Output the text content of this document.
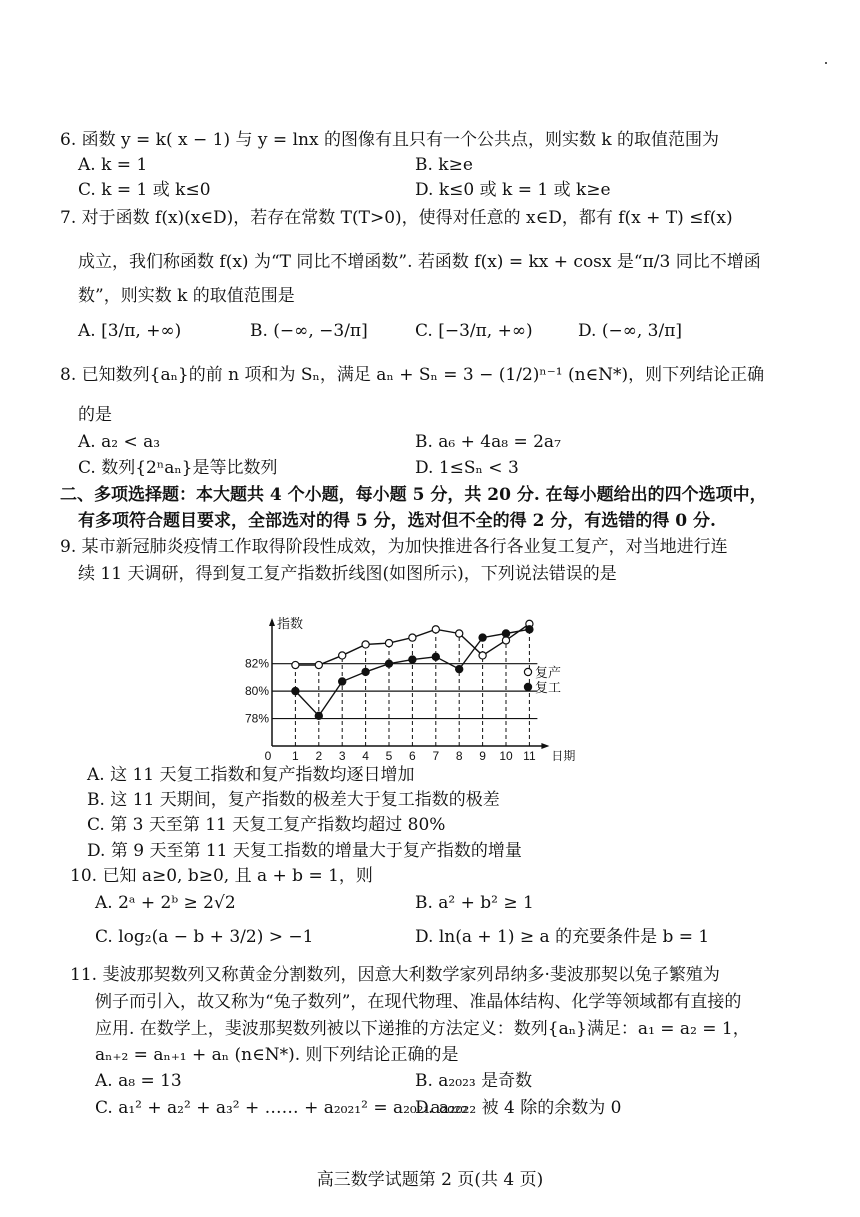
6. 函数 y = k( x − 1) 与 y = lnx 的图像有且只有一个公共点，则实数 k 的取值范围为
A. k = 1	B. k≥e
C. k = 1 或 k≤0	D. k≤0 或 k = 1 或 k≥e
7. 对于函数 f(x)(x∈D)，若存在常数 T(T>0)，使得对任意的 x∈D，都有 f(x + T) ≤f(x)
成立，我们称函数 f(x) 为“T 同比不增函数”. 若函数 f(x) = kx + cosx 是“π/3 同比不增函
数”，则实数 k 的取值范围是
A. [3/π, +∞)	B. (−∞, −3/π]	C. [−3/π, +∞)	D. (−∞, 3/π]
8. 已知数列{aₙ}的前 n 项和为 Sₙ，满足 aₙ + Sₙ = 3 − (1/2)ⁿ⁻¹ (n∈N*)，则下列结论正确
的是
A. a₂ < a₃	B. a₆ + 4a₈ = 2a₇
C. 数列{2ⁿaₙ}是等比数列	D. 1≤Sₙ < 3
二、多项选择题：本大题共 4 个小题，每小题 5 分，共 20 分. 在每小题给出的四个选项中，
有多项符合题目要求，全部选对的得 5 分，选对但不全的得 2 分，有选错的得 0 分.
9. 某市新冠肺炎疫情工作取得阶段性成效，为加快推进各行各业复工复产，对当地进行连
续 11 天调研，得到复工复产指数折线图(如图所示)，下列说法错误的是
A. 这 11 天复工指数和复产指数均逐日增加
B. 这 11 天期间，复产指数的极差大于复工指数的极差
C. 第 3 天至第 11 天复工复产指数均超过 80%
D. 第 9 天至第 11 天复工指数的增量大于复产指数的增量
10. 已知 a≥0, b≥0, 且 a + b = 1，则
A. 2ᵃ + 2ᵇ ≥ 2√2	B. a² + b² ≥ 1
C. log₂(a − b + 3/2) > −1	D. ln(a + 1) ≥ a 的充要条件是 b = 1
11. 斐波那契数列又称黄金分割数列，因意大利数学家列昂纳多·斐波那契以兔子繁殖为
例子而引入，故又称为“兔子数列”，在现代物理、准晶体结构、化学等领域都有直接的
应用. 在数学上，斐波那契数列被以下递推的方法定义：数列{aₙ}满足：a₁ = a₂ = 1，
aₙ₊₂ = aₙ₊₁ + aₙ (n∈N*). 则下列结论正确的是
A. a₈ = 13	B. a₂₀₂₃ 是奇数
C. a₁² + a₂² + a₃² + …… + a₂₀₂₁² = a₂₀₂₁a₂₀₂₂
D. a₂₀₂₂ 被 4 除的余数为 0
78%
80%
82%
1 2 3 4 5 6 7 8 9 10 11
0	日期
指数
复产
复工
高三数学试题第 2 页(共 4 页)
